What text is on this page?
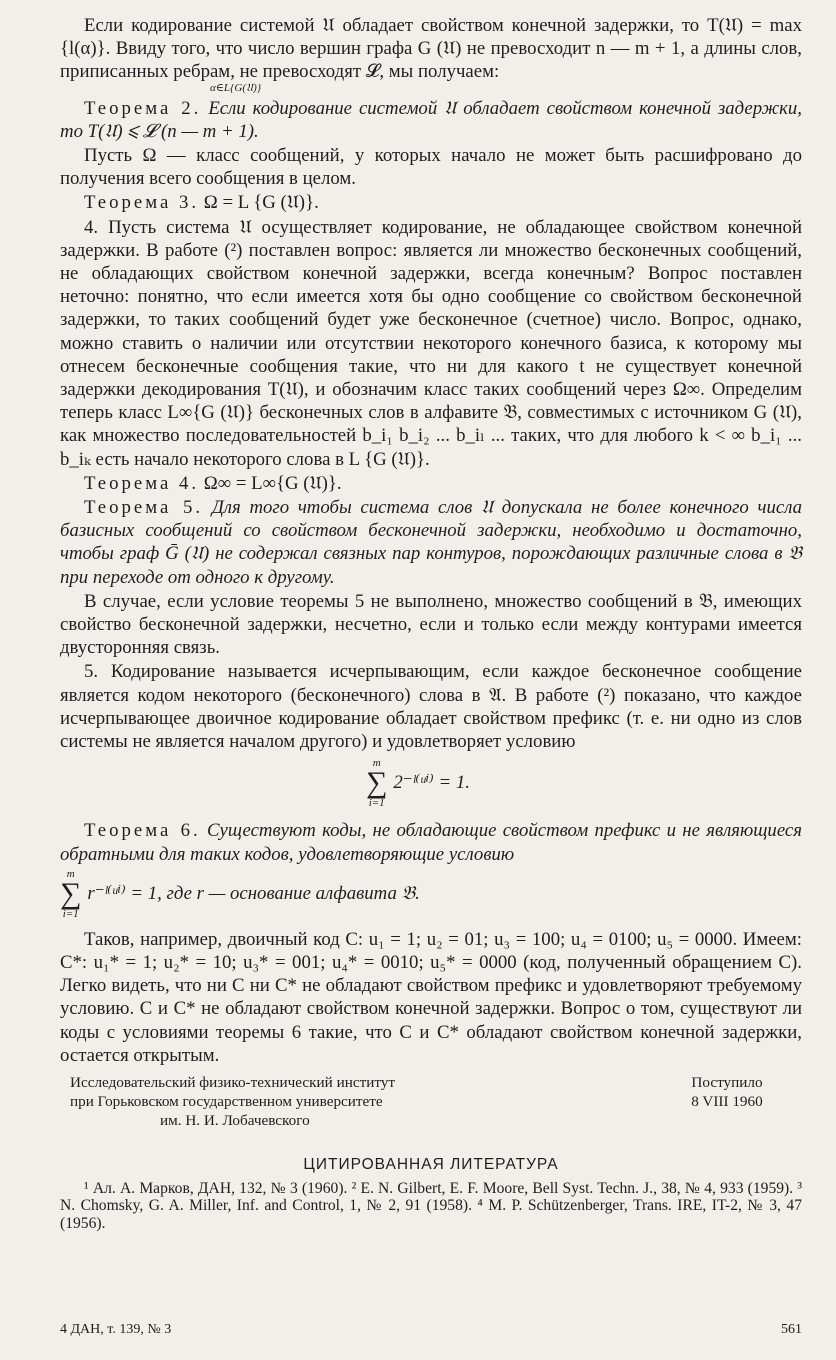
Если кодирование системой 𝔘 обладает свойством конечной задержки, то T(𝔘) = max {l(α)}. Ввиду того, что число вершин графа G (𝔘) не превосходит n — m + 1, а длины слов, приписанных ребрам, не превосходят 𝓛, мы получаем:

α∈L{G(𝔘)}

Теорема 2. Если кодирование системой 𝔘 обладает свойством конечной задержки, то T(𝔘) ⩽ 𝓛 (n — m + 1).

Пусть Ω — класс сообщений, у которых начало не может быть расшифровано до получения всего сообщения в целом.

Теорема 3. Ω = L {G (𝔘)}.

4. Пусть система 𝔘 осуществляет кодирование, не обладающее свойством конечной задержки. В работе (²) поставлен вопрос: является ли множество бесконечных сообщений, не обладающих свойством конечной задержки, всегда конечным? Вопрос поставлен неточно: понятно, что если имеется хотя бы одно сообщение со свойством бесконечной задержки, то таких сообщений будет уже бесконечное (счетное) число. Вопрос, однако, можно ставить о наличии или отсутствии некоторого конечного базиса, к которому мы отнесем бесконечные сообщения такие, что ни для какого t не существует конечной задержки декодирования T(𝔘), и обозначим класс таких сообщений через Ω∞. Определим теперь класс L∞{G (𝔘)} бесконечных слов в алфавите 𝔅, совместимых с источником G (𝔘), как множество последовательностей b_i₁ b_i₂ ... b_iₗ ... таких, что для любого k < ∞ b_i₁ ... b_iₖ есть начало некоторого слова в L {G (𝔘)}.

Теорема 4. Ω∞ = L∞{G (𝔘)}.

Теорема 5. Для того чтобы система слов 𝔘 допускала не более конечного числа базисных сообщений со свойством бесконечной задержки, необходимо и достаточно, чтобы граф Ḡ (𝔘) не содержал связных пар контуров, порождающих различные слова в 𝔅 при переходе от одного к другому.

В случае, если условие теоремы 5 не выполнено, множество сообщений в 𝔅, имеющих свойство бесконечной задержки, несчетно, если и только если между контурами имеется двусторонняя связь.

5. Кодирование называется исчерпывающим, если каждое бесконечное сообщение является кодом некоторого (бесконечного) слова в 𝔄. В работе (²) показано, что каждое исчерпывающее двоичное кодирование обладает свойством префикс (т. е. ни одно из слов системы не является началом другого) и удовлетворяет условию

m
∑
i=1
2⁻ˡ⁽ᵘⁱ⁾ = 1.

Теорема 6. Существуют коды, не обладающие свойством префикс и не являющиеся обратными для таких кодов, удовлетворяющие условию

m
∑
i=1
r⁻ˡ⁽ᵘⁱ⁾ = 1, где r — основание алфавита 𝔅.

Таков, например, двоичный код C: u₁ = 1; u₂ = 01; u₃ = 100; u₄ = 0100; u₅ = 0000. Имеем: C*: u₁* = 1; u₂* = 10; u₃* = 001; u₄* = 0010; u₅* = 0000 (код, полученный обращением C). Легко видеть, что ни C ни C* не обладают свойством префикс и удовлетворяют требуемому условию. C и C* не обладают свойством конечной задержки. Вопрос о том, существуют ли коды с условиями теоремы 6 такие, что C и C* обладают свойством конечной задержки, остается открытым.

Исследовательский физико-технический институт
при Горьковском государственном университете
им. Н. И. Лобачевского
Поступило
8 VIII 1960
ЦИТИРОВАННАЯ ЛИТЕРАТУРА

¹ Ал. А. Марков, ДАН, 132, № 3 (1960). ² E. N. Gilbert, E. F. Moore, Bell Syst. Techn. J., 38, № 4, 933 (1959). ³ N. Chomsky, G. A. Miller, Inf. and Control, 1, № 2, 91 (1958). ⁴ M. P. Schützenberger, Trans. IRE, IT-2, № 3, 47 (1956).

4 ДАН, т. 139, № 3	561
